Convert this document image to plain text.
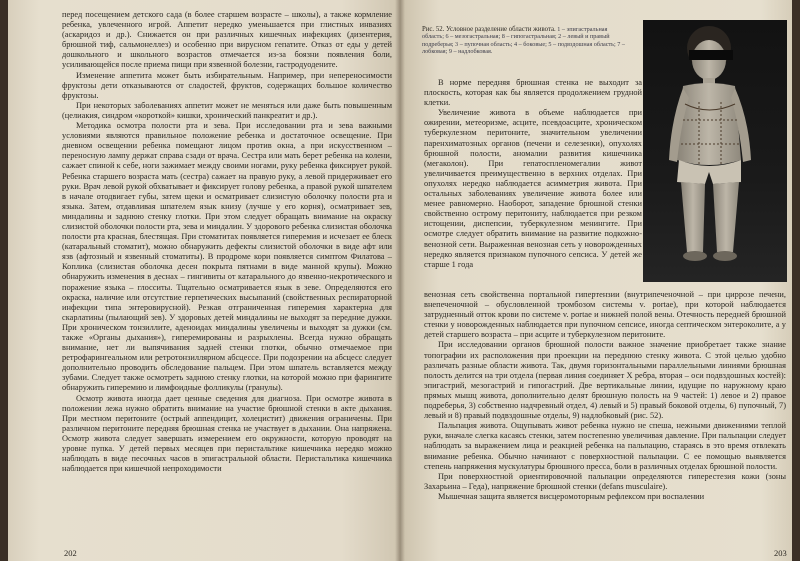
перед посещением детского сада (в более старшем возрасте – школы), а также кормление ребенка, увлеченного игрой. Аппетит нередко уменьшается при глистных инвазиях (аскаридоз и др.). Снижается он при различных кишечных инфекциях (дизентерия, брюшной тиф, сальмонеллез) и особенно при вирусном гепатите. Отказ от еды у детей дошкольного и школьного возрастов отмечается из-за боязни появления боли, усиливающейся после приема пищи при язвенной болезни, гастродуодените.

Изменение аппетита может быть избирательным. Например, при непереносимости фруктозы дети отказываются от сладостей, фруктов, содержащих большое количество фруктозы.

При некоторых заболеваниях аппетит может не меняться или даже быть повышенным (целиакия, синдром «короткой» кишки, хронический панкреатит и др.).

Методика осмотра полости рта и зева. При исследовании рта и зева важными условиями являются правильное положение ребенка и достаточное освещение. При дневном освещении ребенка помещают лицом против окна, а при искусственном – переносную лампу держат справа сзади от врача. Сестра или мать берет ребенка на колени, сажает спиной к себе, ноги зажимает между своими ногами, руку ребенка фиксирует рукой. Ребенка старшего возраста мать (сестра) сажает на правую руку, а левой придерживает его руки. Врач левой рукой обхватывает и фиксирует голову ребенка, а правой рукой шпателем в начале отодвигает губы, затем щеки и осматривает слизистую оболочку полости рта и языка. Затем, отдавливая шпателем язык книзу (лучше у его корня), осматривает зев, миндалины и заднюю стенку глотки. При этом следует обращать внимание на окраску слизистой оболочки полости рта, зева и миндалин. У здорового ребенка слизистая оболочка полости рта красная, блестящая. При стоматитах появляется гиперемия и исчезает ее блеск (катаральный стоматит), можно обнаружить дефекты слизистой оболочки в виде афт или язв (афтозный и язвенный стоматиты). В продроме кори появляется симптом Филатова – Коплика (слизистая оболочка десен покрыта пятнами в виде манной крупы). Можно обнаружить изменения в деснах – гингивиты от катарального до язвенно-некротического и поражение языка – глосситы. Тщательно осматривается язык в зеве. Определяются его окраска, наличие или отсутствие герпетических высыпаний (свойственных респираторной инфекции типа энтеровирусной). Резкая отграниченная гиперемия характерна для скарлатины (пылающий зев). У здоровых детей миндалины не выходят за передние дужки. При хроническом тонзиллите, аденоидах миндалины увеличены и выходят за дужки (см. также «Органы дыхания»), гиперемированы и разрыхлены. Всегда нужно обращать внимание, нет ли выпячивания задней стенки глотки, обычно отмечаемое при ретрофарингеальном или ретротонзиллярном абсцессе. При подозрении на абсцесс следует дополнительно проводить обследование пальцем. При этом шпатель вставляется между зубами. Следует также осмотреть заднюю стенку глотки, на которой можно при фарингите обнаружить гиперемию и лимфоидные фолликулы (гранулы).

Осмотр живота иногда дает ценные сведения для диагноза. При осмотре живота в положении лежа нужно обратить внимание на участие брюшной стенки в акте дыхания. При местном перитоните (острый аппендицит, холецистит) движения ограничены. При различном перитоните передняя брюшная стенка не участвует в дыхании. Она напряжена. Осмотр живота следует завершать измерением его окружности, которую проводят на уровне пупка. У детей первых месяцев при перистальтике кишечника нередко можно наблюдать в виде песочных часов в эпигастральной области. Перистальтика кишечника наблюдается при кишечной непроходимости

202
Рис. 52. Условное разделение области живота. 1 – эпигастральная область; 6 – мезогастральная; 8 – гипогастральная; 2 – левый и правый подреберья; 3 – пупочная область; 4 – боковые; 5 – подвздошная область; 7 – лобковая; 9 – надлобковая.

В норме передняя брюшная стенка не выходит за плоскость, которая как бы является продолжением грудной клетки.

Увеличение живота в объеме наблюдается при ожирении, метеоризме, асците, псевдоасците, хроническом туберкулезном перитоните, значительном увеличении паренхиматозных органов (печени и селезенки), опухолях брюшной полости, аномалии развития кишечника (мегаколон). При гепатоспленомегалии живот увеличивается преимущественно в верхних отделах. При опухолях нередко наблюдается асимметрия живота. При остальных заболеваниях увеличение живота более или менее равномерно. Наоборот, западение брюшной стенки свойственно острому перитониту, наблюдается при резком истощении, диспепсии, туберкулезном менингите. При осмотре следует обратить внимание на развитие подкожно-венозной сети. Выраженная венозная сеть у новорожденных нередко является признаком пупочного сепсиса. У детей же старше 1 года

венозная сеть свойственна портальной гипертензии (внутрипеченочной – при циррозе печени, внепеченочной – обусловленной тромбозом системы v. portae), при которой наблюдается затрудненный отток крови по системе v. portae и нижней полой вены. Отечность передней брюшной стенки у новорожденных наблюдается при пупочном сепсисе, иногда септическом энтероколите, а у детей старшего возраста – при асците и туберкулезном перитоните.

При исследовании органов брюшной полости важное значение приобретает также знание топографии их расположения при проекции на переднюю стенку живота. С этой целью удобно различать разные области живота. Так, двумя горизонтальными параллельными линиями брюшная полость делится на три отдела (первая линия соединяет X ребра, вторая – оси подвздошных костей): эпигастрий, мезогастрий и гипогастрий. Две вертикальные линии, идущие по наружному краю прямых мышц живота, дополнительно делят брюшную полость на 9 частей: 1) левое и 2) правое подреберья, 3) собственно надчревный отдел, 4) левый и 5) правый боковой отделы, 6) пупочный, 7) левый и 8) правый подвздошные отделы, 9) надлобковый (рис. 52).

Пальпация живота. Ощупывать живот ребенка нужно не спеша, нежными движениями теплой руки, вначале слегка касаясь стенки, затем постепенно увеличивая давление. При пальпации следует наблюдать за выражением лица и реакцией ребенка на пальпацию, стараясь в это время отвлекать внимание ребенка. Обычно начинают с поверхностной пальпации. С ее помощью выявляется степень напряжения мускулатуры брюшного пресса, боли в различных отделах брюшной полости.

При поверхностной ориентировочной пальпации определяются гиперестезия кожи (зоны Захарьина – Геда), напряжение брюшной стенки (defans musculaire).

Мышечная защита является висцеромоторным рефлексом при воспалении

203
